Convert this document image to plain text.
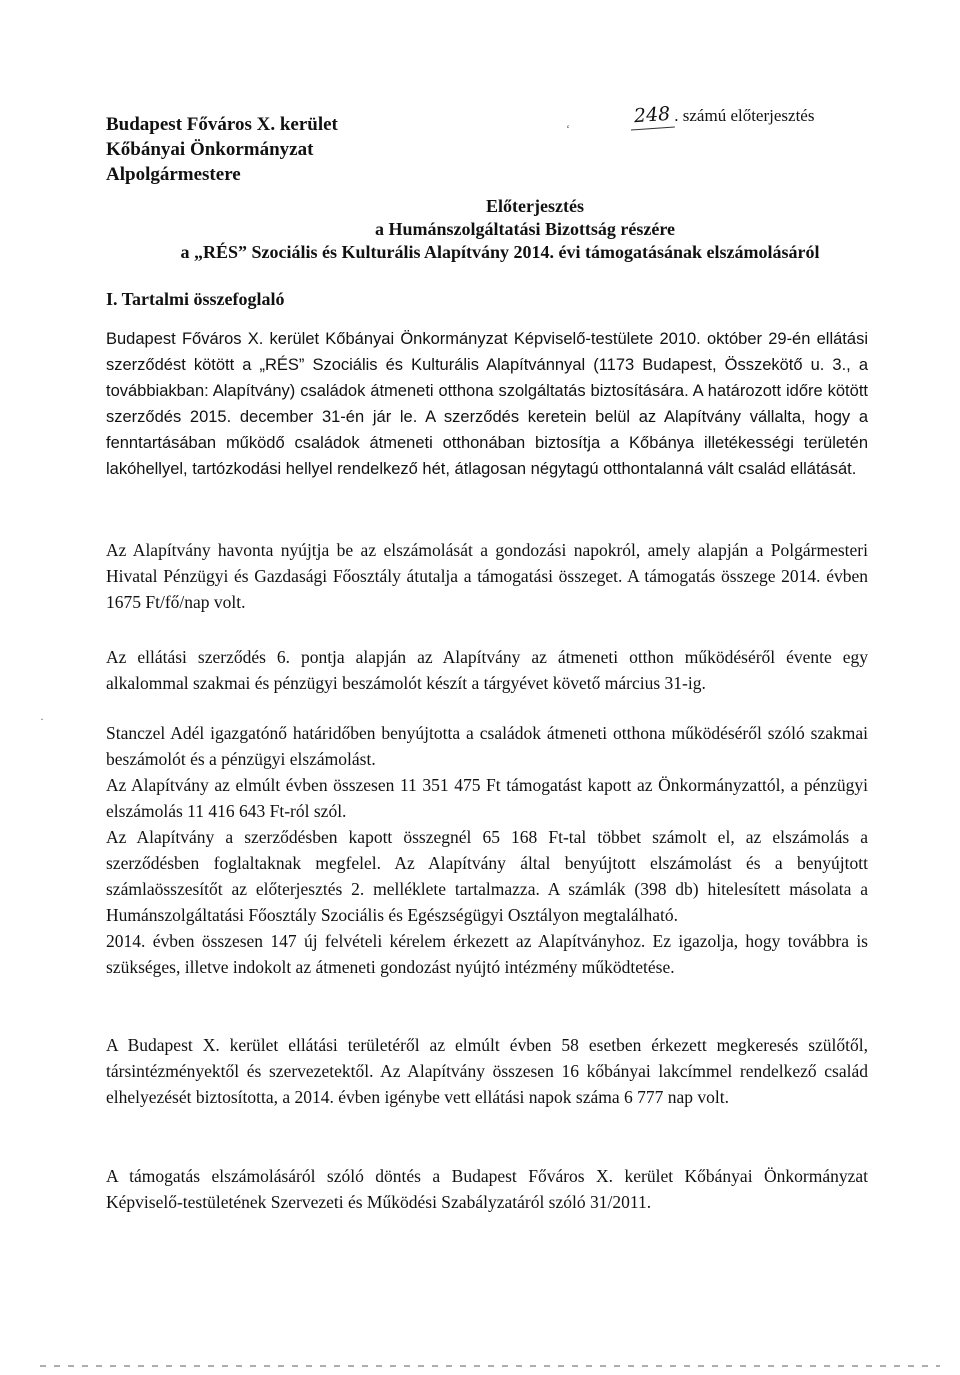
Budapest Főváros X. kerület
Kőbányai Önkormányzat
Alpolgármestere
248 . számú előterjesztés
Előterjesztés
a Humánszolgáltatási Bizottság részére
a „RÉS” Szociális és Kulturális Alapítvány 2014. évi támogatásának elszámolásáról
I. Tartalmi összefoglaló

Budapest Főváros X. kerület Kőbányai Önkormányzat Képviselő-testülete 2010. október 29-én ellátási szerződést kötött a „RÉS” Szociális és Kulturális Alapítvánnyal (1173 Budapest, Összekötő u. 3., a továbbiakban: Alapítvány) családok átmeneti otthona szolgáltatás biztosítására. A határozott időre kötött szerződés 2015. december 31-én jár le. A szerződés keretein belül az Alapítvány vállalta, hogy a fenntartásában működő családok átmeneti otthonában biztosítja a Kőbánya illetékességi területén lakóhellyel, tartózkodási hellyel rendelkező hét, átlagosan négytagú otthontalanná vált család ellátását.

Az Alapítvány havonta nyújtja be az elszámolását a gondozási napokról, amely alapján a Polgármesteri Hivatal Pénzügyi és Gazdasági Főosztály átutalja a támogatási összeget. A támogatás összege 2014. évben 1675 Ft/fő/nap volt.

Az ellátási szerződés 6. pontja alapján az Alapítvány az átmeneti otthon működéséről évente egy alkalommal szakmai és pénzügyi beszámolót készít a tárgyévet követő március 31-ig.

Stanczel Adél igazgatónő határidőben benyújtotta a családok átmeneti otthona működéséről szóló szakmai beszámolót és a pénzügyi elszámolást.

Az Alapítvány az elmúlt évben összesen 11 351 475 Ft támogatást kapott az Önkormányzattól, a pénzügyi elszámolás 11 416 643 Ft-ról szól.

Az Alapítvány a szerződésben kapott összegnél 65 168 Ft-tal többet számolt el, az elszámolás a szerződésben foglaltaknak megfelel. Az Alapítvány által benyújtott elszámolást és a benyújtott számlaösszesítőt az előterjesztés 2. melléklete tartalmazza. A számlák (398 db) hitelesített másolata a Humánszolgáltatási Főosztály Szociális és Egészségügyi Osztályon megtalálható.

2014. évben összesen 147 új felvételi kérelem érkezett az Alapítványhoz. Ez igazolja, hogy továbbra is szükséges, illetve indokolt az átmeneti gondozást nyújtó intézmény működtetése.

A Budapest X. kerület ellátási területéről az elmúlt évben 58 esetben érkezett megkeresés szülőtől, társintézményektől és szervezetektől. Az Alapítvány összesen 16 kőbányai lakcímmel rendelkező család elhelyezését biztosította, a 2014. évben igénybe vett ellátási napok száma 6 777 nap volt.

A támogatás elszámolásáról szóló döntés a Budapest Főváros X. kerület Kőbányai Önkormányzat Képviselő-testületének Szervezeti és Működési Szabályzatáról szóló 31/2011.

‘
·
